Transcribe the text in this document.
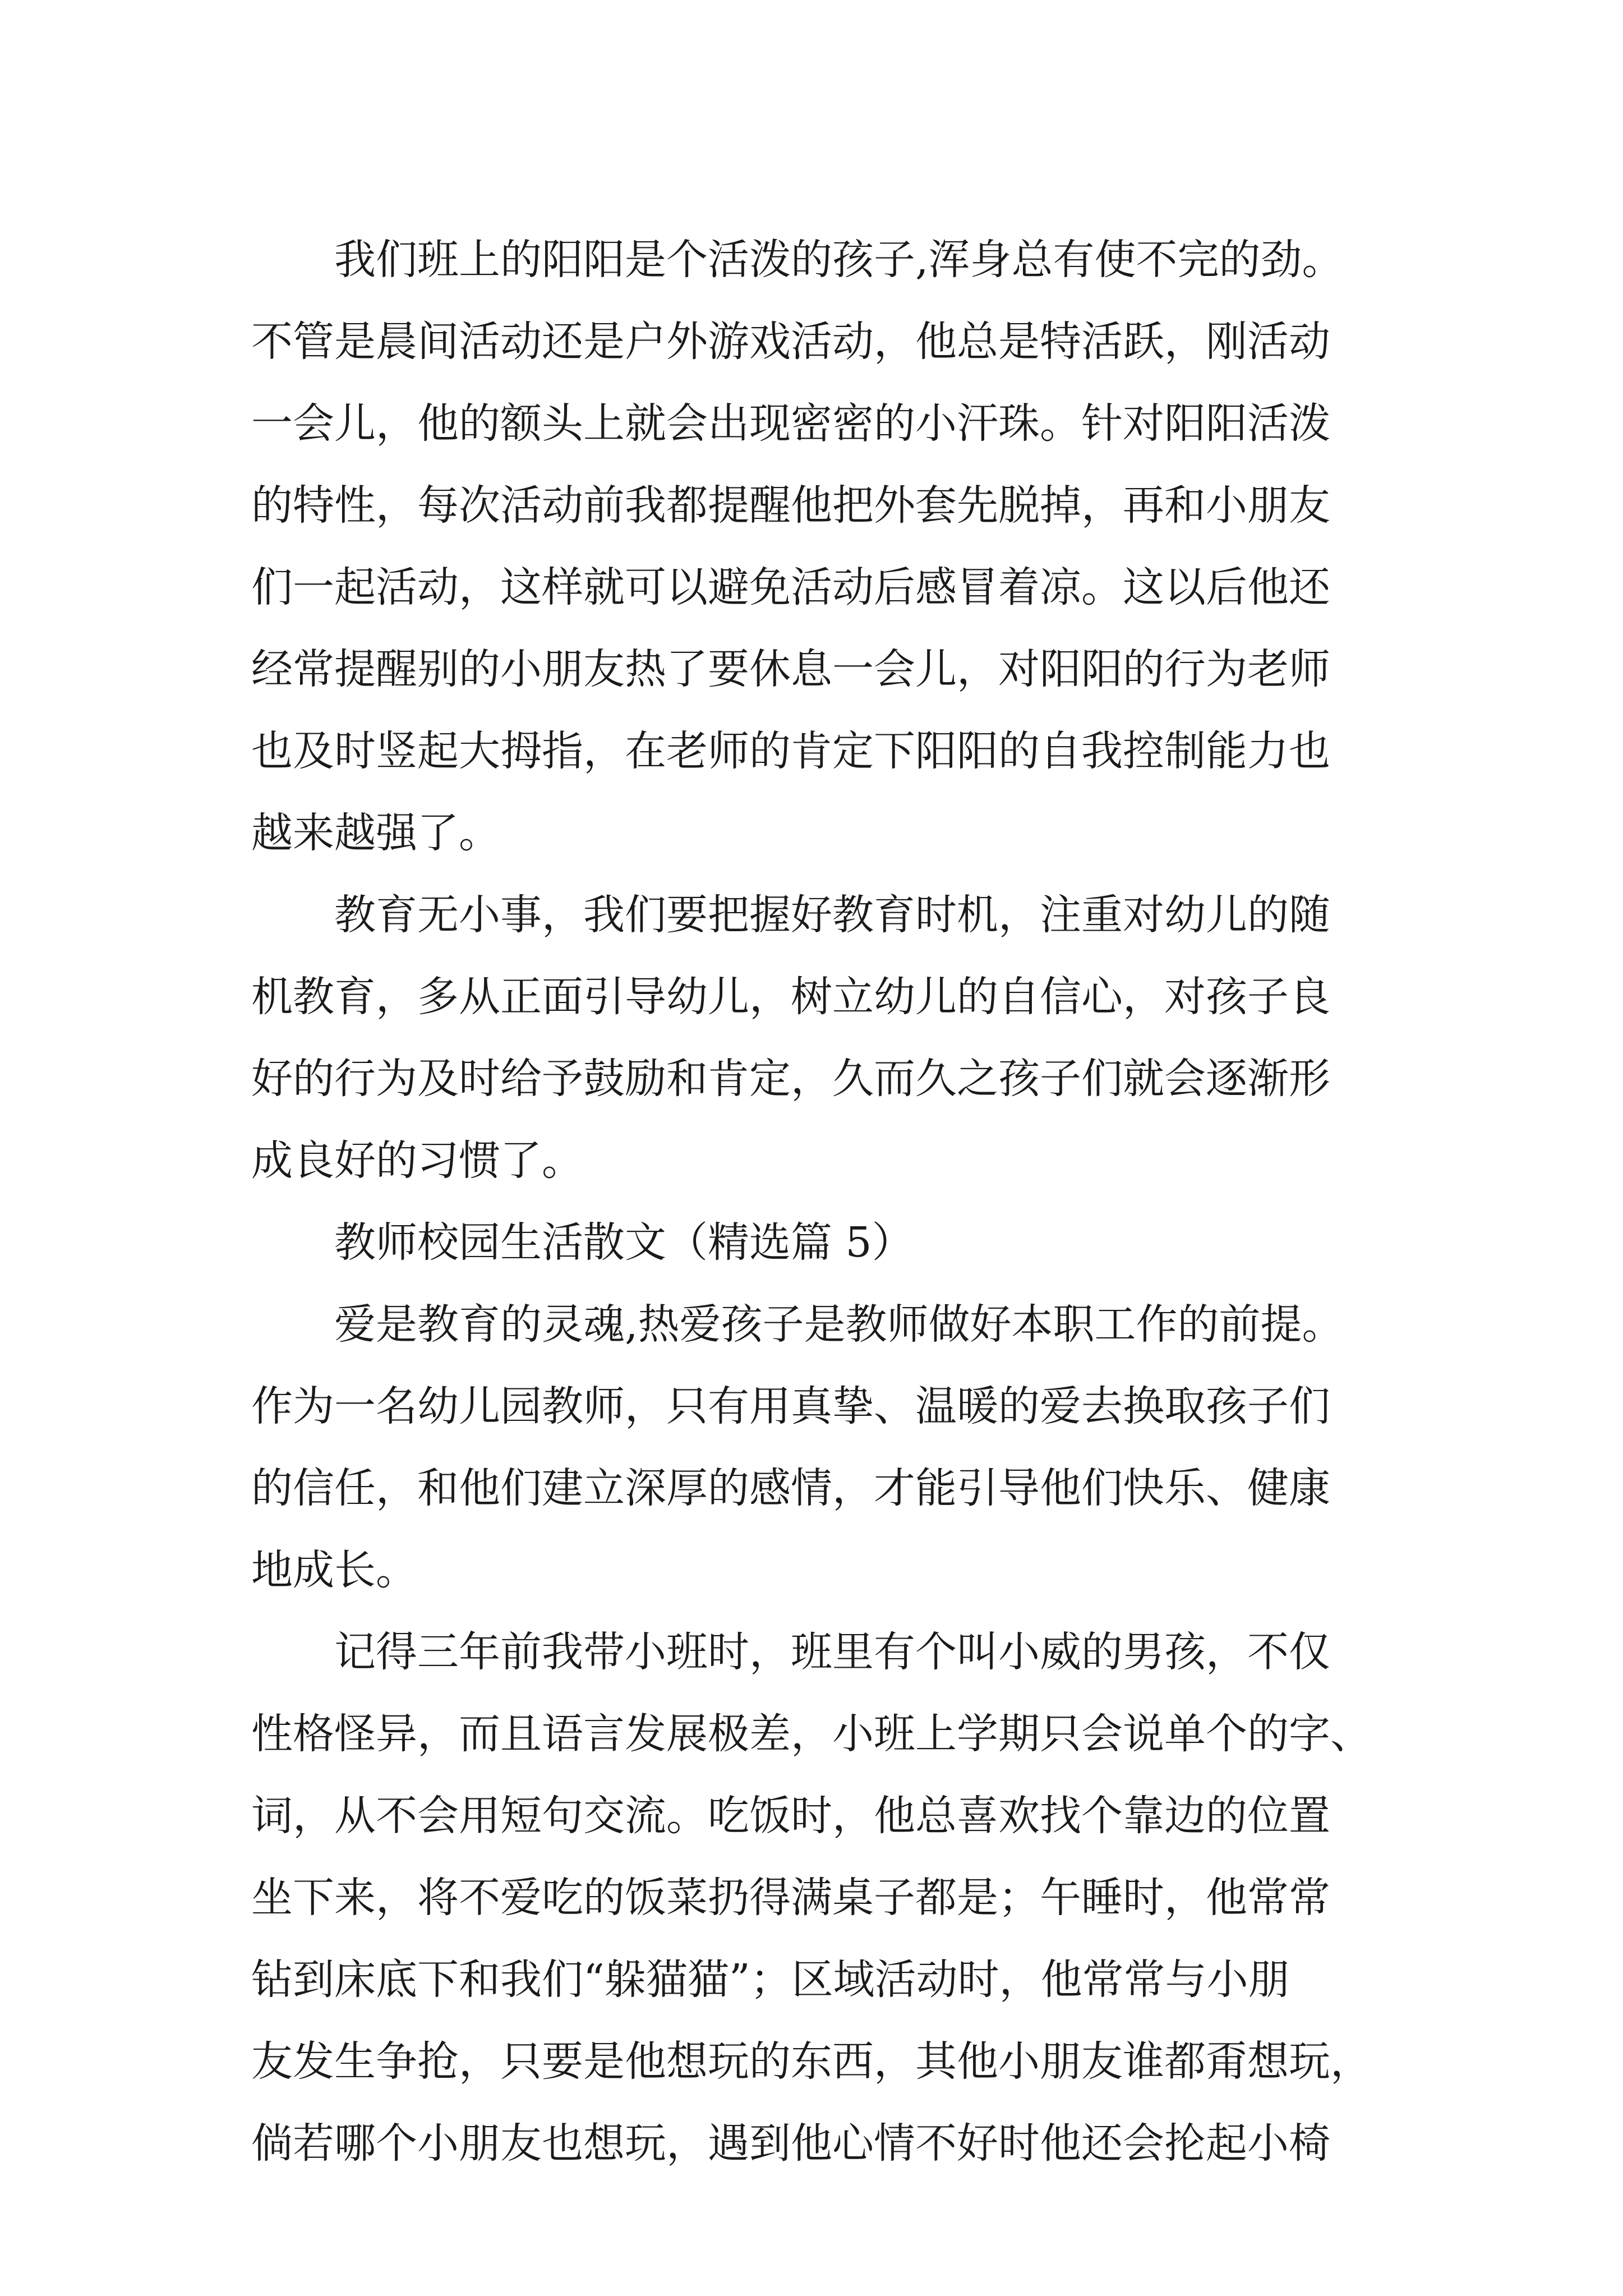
我们班上的阳阳是个活泼的孩子,浑身总有使不完的劲。
不管是晨间活动还是户外游戏活动，他总是特活跃，刚活动
一会儿，他的额头上就会出现密密的小汗珠。针对阳阳活泼
的特性，每次活动前我都提醒他把外套先脱掉，再和小朋友
们一起活动，这样就可以避免活动后感冒着凉。这以后他还
经常提醒别的小朋友热了要休息一会儿，对阳阳的行为老师
也及时竖起大拇指，在老师的肯定下阳阳的自我控制能力也
越来越强了。
教育无小事，我们要把握好教育时机，注重对幼儿的随
机教育，多从正面引导幼儿，树立幼儿的自信心，对孩子良
好的行为及时给予鼓励和肯定，久而久之孩子们就会逐渐形
成良好的习惯了。
教师校园生活散文（精选篇 5）
爱是教育的灵魂,热爱孩子是教师做好本职工作的前提。
作为一名幼儿园教师，只有用真挚、温暖的爱去换取孩子们
的信任，和他们建立深厚的感情，才能引导他们快乐、健康
地成长。
记得三年前我带小班时，班里有个叫小威的男孩，不仅
性格怪异，而且语言发展极差，小班上学期只会说单个的字、
词，从不会用短句交流。吃饭时，他总喜欢找个靠边的位置
坐下来，将不爱吃的饭菜扔得满桌子都是；午睡时，他常常
钻到床底下和我们“躲猫猫”；区域活动时，他常常与小朋
友发生争抢，只要是他想玩的东西，其他小朋友谁都甭想玩，
倘若哪个小朋友也想玩，遇到他心情不好时他还会抡起小椅
